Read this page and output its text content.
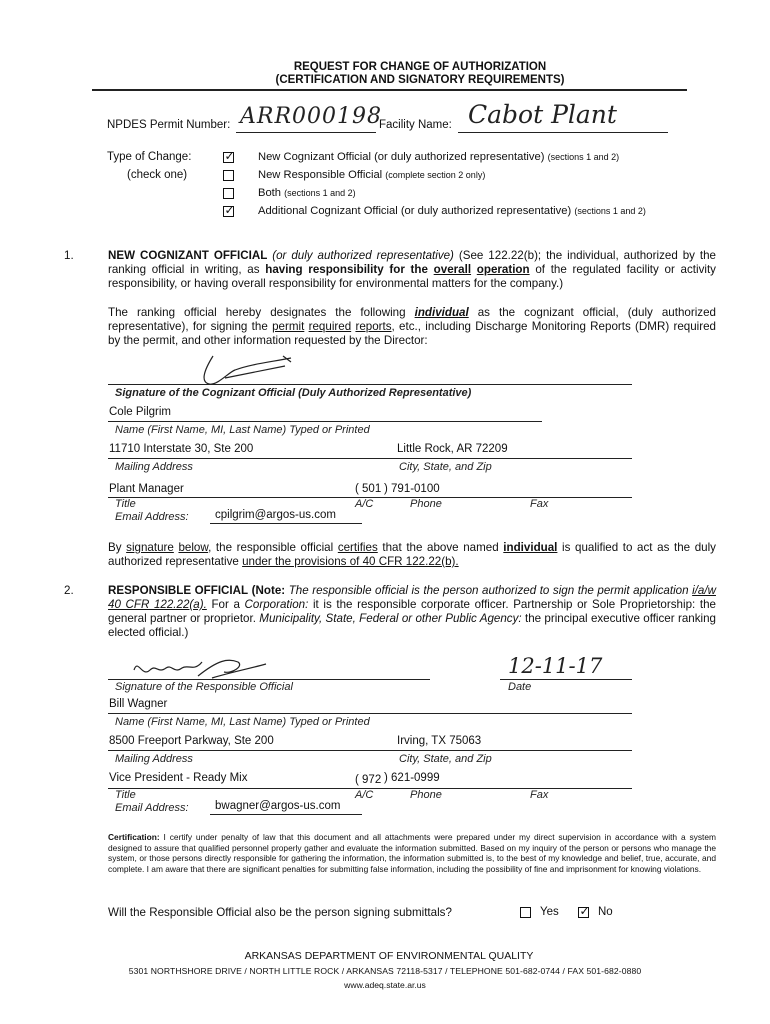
REQUEST FOR CHANGE OF AUTHORIZATION
(CERTIFICATION AND SIGNATORY REQUIREMENTS)
NPDES Permit Number: ARR000198
Facility Name: Cabot Plant
Type of Change:
(check one)
✓ New Cognizant Official (or duly authorized representative) (sections 1 and 2)
New Responsible Official (complete section 2 only)
Both (sections 1 and 2)
✓ Additional Cognizant Official (or duly authorized representative) (sections 1 and 2)
1.	NEW COGNIZANT OFFICIAL (or duly authorized representative) (See 122.22(b); the individual, authorized by the ranking official in writing, as having responsibility for the overall operation of the regulated facility or activity responsibility, or having overall responsibility for environmental matters for the company.)
The ranking official hereby designates the following individual as the cognizant official, (duly authorized representative), for signing the permit required reports, etc., including Discharge Monitoring Reports (DMR) required by the permit, and other information requested by the Director:
Signature of the Cognizant Official (Duly Authorized Representative)
Cole Pilgrim
Name (First Name, MI, Last Name) Typed or Printed
11710 Interstate 30, Ste 200	Little Rock, AR 72209
Mailing Address	City, State, and Zip
Plant Manager	( 501 ) 791-0100
Title	A/C	Phone	Fax
Email Address: cpilgrim@argos-us.com
By signature below, the responsible official certifies that the above named individual is qualified to act as the duly authorized representative under the provisions of 40 CFR 122.22(b).
2.	RESPONSIBLE OFFICIAL (Note: The responsible official is the person authorized to sign the permit application i/a/w 40 CFR 122.22(a). For a Corporation: it is the responsible corporate officer. Partnership or Sole Proprietorship: the general partner or proprietor. Municipality, State, Federal or other Public Agency: the principal executive officer ranking elected official.)
12-11-17
Signature of the Responsible Official	Date
Bill Wagner
Name (First Name, MI, Last Name) Typed or Printed
8500 Freeport Parkway, Ste 200	Irving, TX 75063
Mailing Address	City, State, and Zip
Vice President - Ready Mix	( 972 ) 621-0999
Title	A/C	Phone	Fax
Email Address: bwagner@argos-us.com
Certification: I certify under penalty of law that this document and all attachments were prepared under my direct supervision in accordance with a system designed to assure that qualified personnel properly gather and evaluate the information submitted. Based on my inquiry of the person or persons who manage the system, or those persons directly responsible for gathering the information, the information submitted is, to the best of my knowledge and belief, true, accurate, and complete. I am aware that there are significant penalties for submitting false information, including the possibility of fine and imprisonment for knowing violations.
Will the Responsible Official also be the person signing submittals?	Yes ✓ No
ARKANSAS DEPARTMENT OF ENVIRONMENTAL QUALITY
5301 NORTHSHORE DRIVE / NORTH LITTLE ROCK / ARKANSAS 72118-5317 / TELEPHONE 501-682-0744 / FAX 501-682-0880
www.adeq.state.ar.us
